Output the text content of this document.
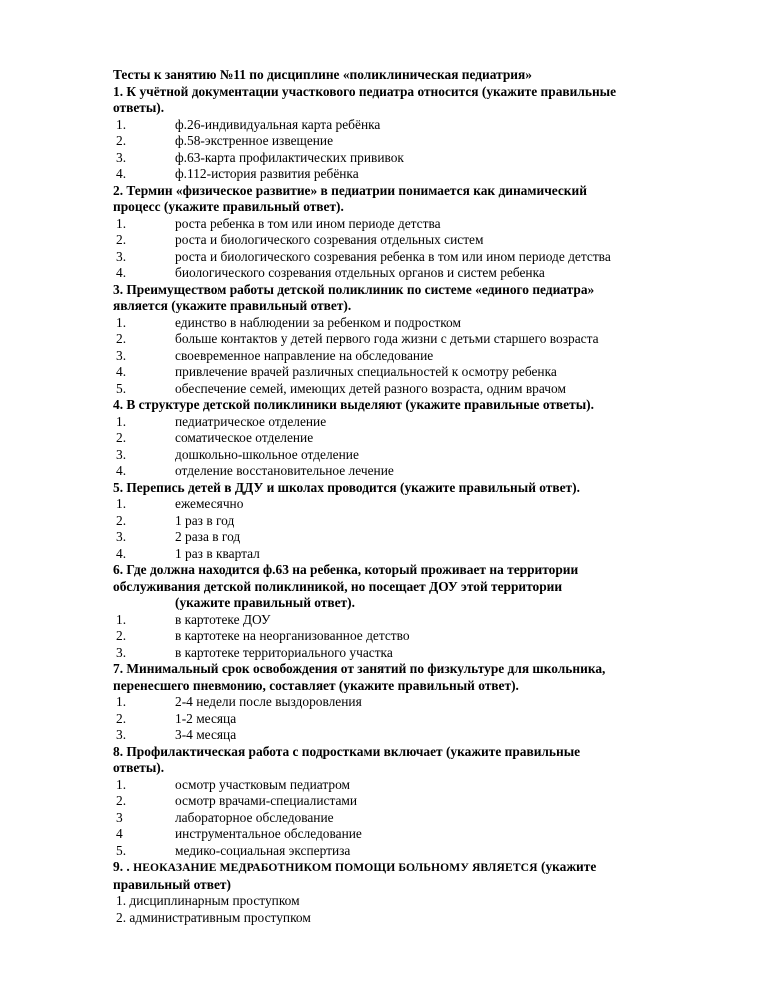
Тесты к занятию №11 по дисциплине «поликлиническая педиатрия»
1. К учётной документации участкового педиатра относится (укажите правильные
ответы).
1.	ф.26-индивидуальная карта ребёнка
2.	ф.58-экстренное извещение
3.	ф.63-карта профилактических прививок
4.	ф.112-история развития ребёнка
2. Термин «физическое развитие» в педиатрии понимается как динамический
процесс (укажите правильный ответ).
1.	роста ребенка в том или ином периоде детства
2.	роста и биологического созревания отдельных систем
3.	роста и биологического созревания ребенка в том или ином периоде детства
4.	биологического созревания отдельных органов и систем ребенка
3. Преимуществом работы детской поликлиник по системе «единого педиатра»
является (укажите правильный ответ).
1.	единство в наблюдении за ребенком и подростком
2.	больше контактов у детей первого года жизни с детьми старшего возраста
3.	своевременное направление на обследование
4.	привлечение врачей различных специальностей к осмотру ребенка
5.	обеспечение семей, имеющих детей разного возраста, одним врачом
4. В структуре детской поликлиники выделяют (укажите правильные ответы).
1.	педиатрическое отделение
2.	соматическое отделение
3.	дошкольно-школьное отделение
4.	отделение восстановительное лечение
5. Перепись детей в ДДУ и школах проводится (укажите правильный ответ).
1.	ежемесячно
2.	1 раз в год
3.	2 раза в год
4.	1 раз в квартал
6. Где должна находится ф.63 на ребенка, который проживает на территории
обслуживания детской поликлиникой, но посещает ДОУ этой территории
(укажите правильный ответ).
1.	в картотеке ДОУ
2.	в картотеке на неорганизованное детство
3.	в картотеке территориального участка
7. Минимальный срок освобождения от занятий по физкультуре для школьника,
перенесшего пневмонию, составляет (укажите правильный ответ).
1.	2-4 недели после выздоровления
2.	1-2 месяца
3.	3-4 месяца
8. Профилактическая работа с подростками включает (укажите правильные
ответы).
1.	осмотр участковым педиатром
2.	осмотр врачами-специалистами
3	лабораторное обследование
4	инструментальное обследование
5.	медико-социальная экспертиза
9. . НЕОКАЗАНИЕ МЕДРАБОТНИКОМ ПОМОЩИ БОЛЬНОМУ ЯВЛЯЕТСЯ (укажите
правильный ответ)
1. дисциплинарным проступком
2. административным проступком
